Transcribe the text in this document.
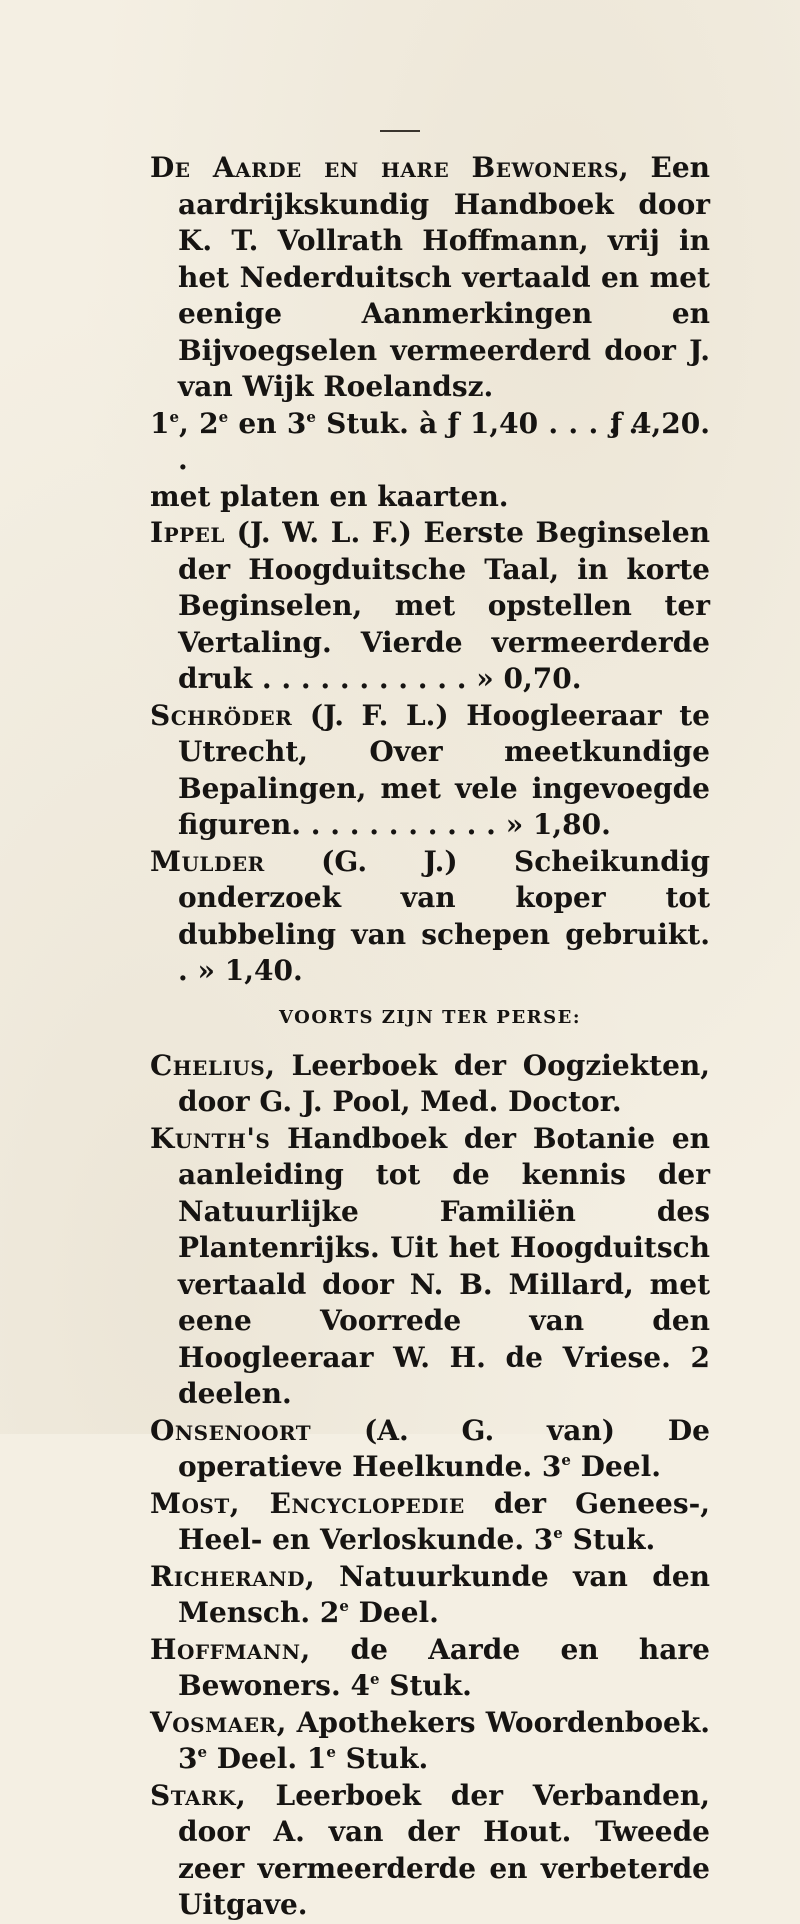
De Aarde en hare Bewoners, Een aardrijkskundig Handboek door K. T. Vollrath Hoffmann, vrij in het Nederduitsch vertaald en met eenige Aanmerkingen en Bijvoegselen vermeerderd door J. van Wijk Roelandsz.
1e, 2e en 3e Stuk. à ƒ 1,40 . . . . . .
ƒ 4,20.
met platen en kaarten.
Ippel (J. W. L. F.) Eerste Beginselen der Hoogduitsche Taal, in korte Beginselen, met opstellen ter Vertaling. Vierde vermeerderde druk . . . . . . . . . . . » 0,70.
Schröder (J. F. L.) Hoogleeraar te Utrecht, Over meetkundige Bepalingen, met vele ingevoegde figuren. . . . . . . . . . . » 1,80.
Mulder (G. J.) Scheikundig onderzoek van koper tot dubbeling van schepen gebruikt. . » 1,40.
VOORTS ZIJN TER PERSE:
Chelius, Leerboek der Oogziekten, door G. J. Pool, Med. Doctor.
Kunth's Handboek der Botanie en aanleiding tot de kennis der Natuurlijke Familiën des Plantenrijks. Uit het Hoogduitsch vertaald door N. B. Millard, met eene Voorrede van den Hoogleeraar W. H. de Vriese. 2 deelen.
Onsenoort (A. G. van) De operatieve Heelkunde. 3e Deel.
Most, Encyclopedie der Genees-, Heel- en Verloskunde. 3e Stuk.
Richerand, Natuurkunde van den Mensch. 2e Deel.
Hoffmann, de Aarde en hare Bewoners. 4e Stuk.
Vosmaer, Apothekers Woordenboek. 3e Deel. 1e Stuk.
Stark, Leerboek der Verbanden, door A. van der Hout. Tweede zeer vermeerderde en verbeterde Uitgave.
